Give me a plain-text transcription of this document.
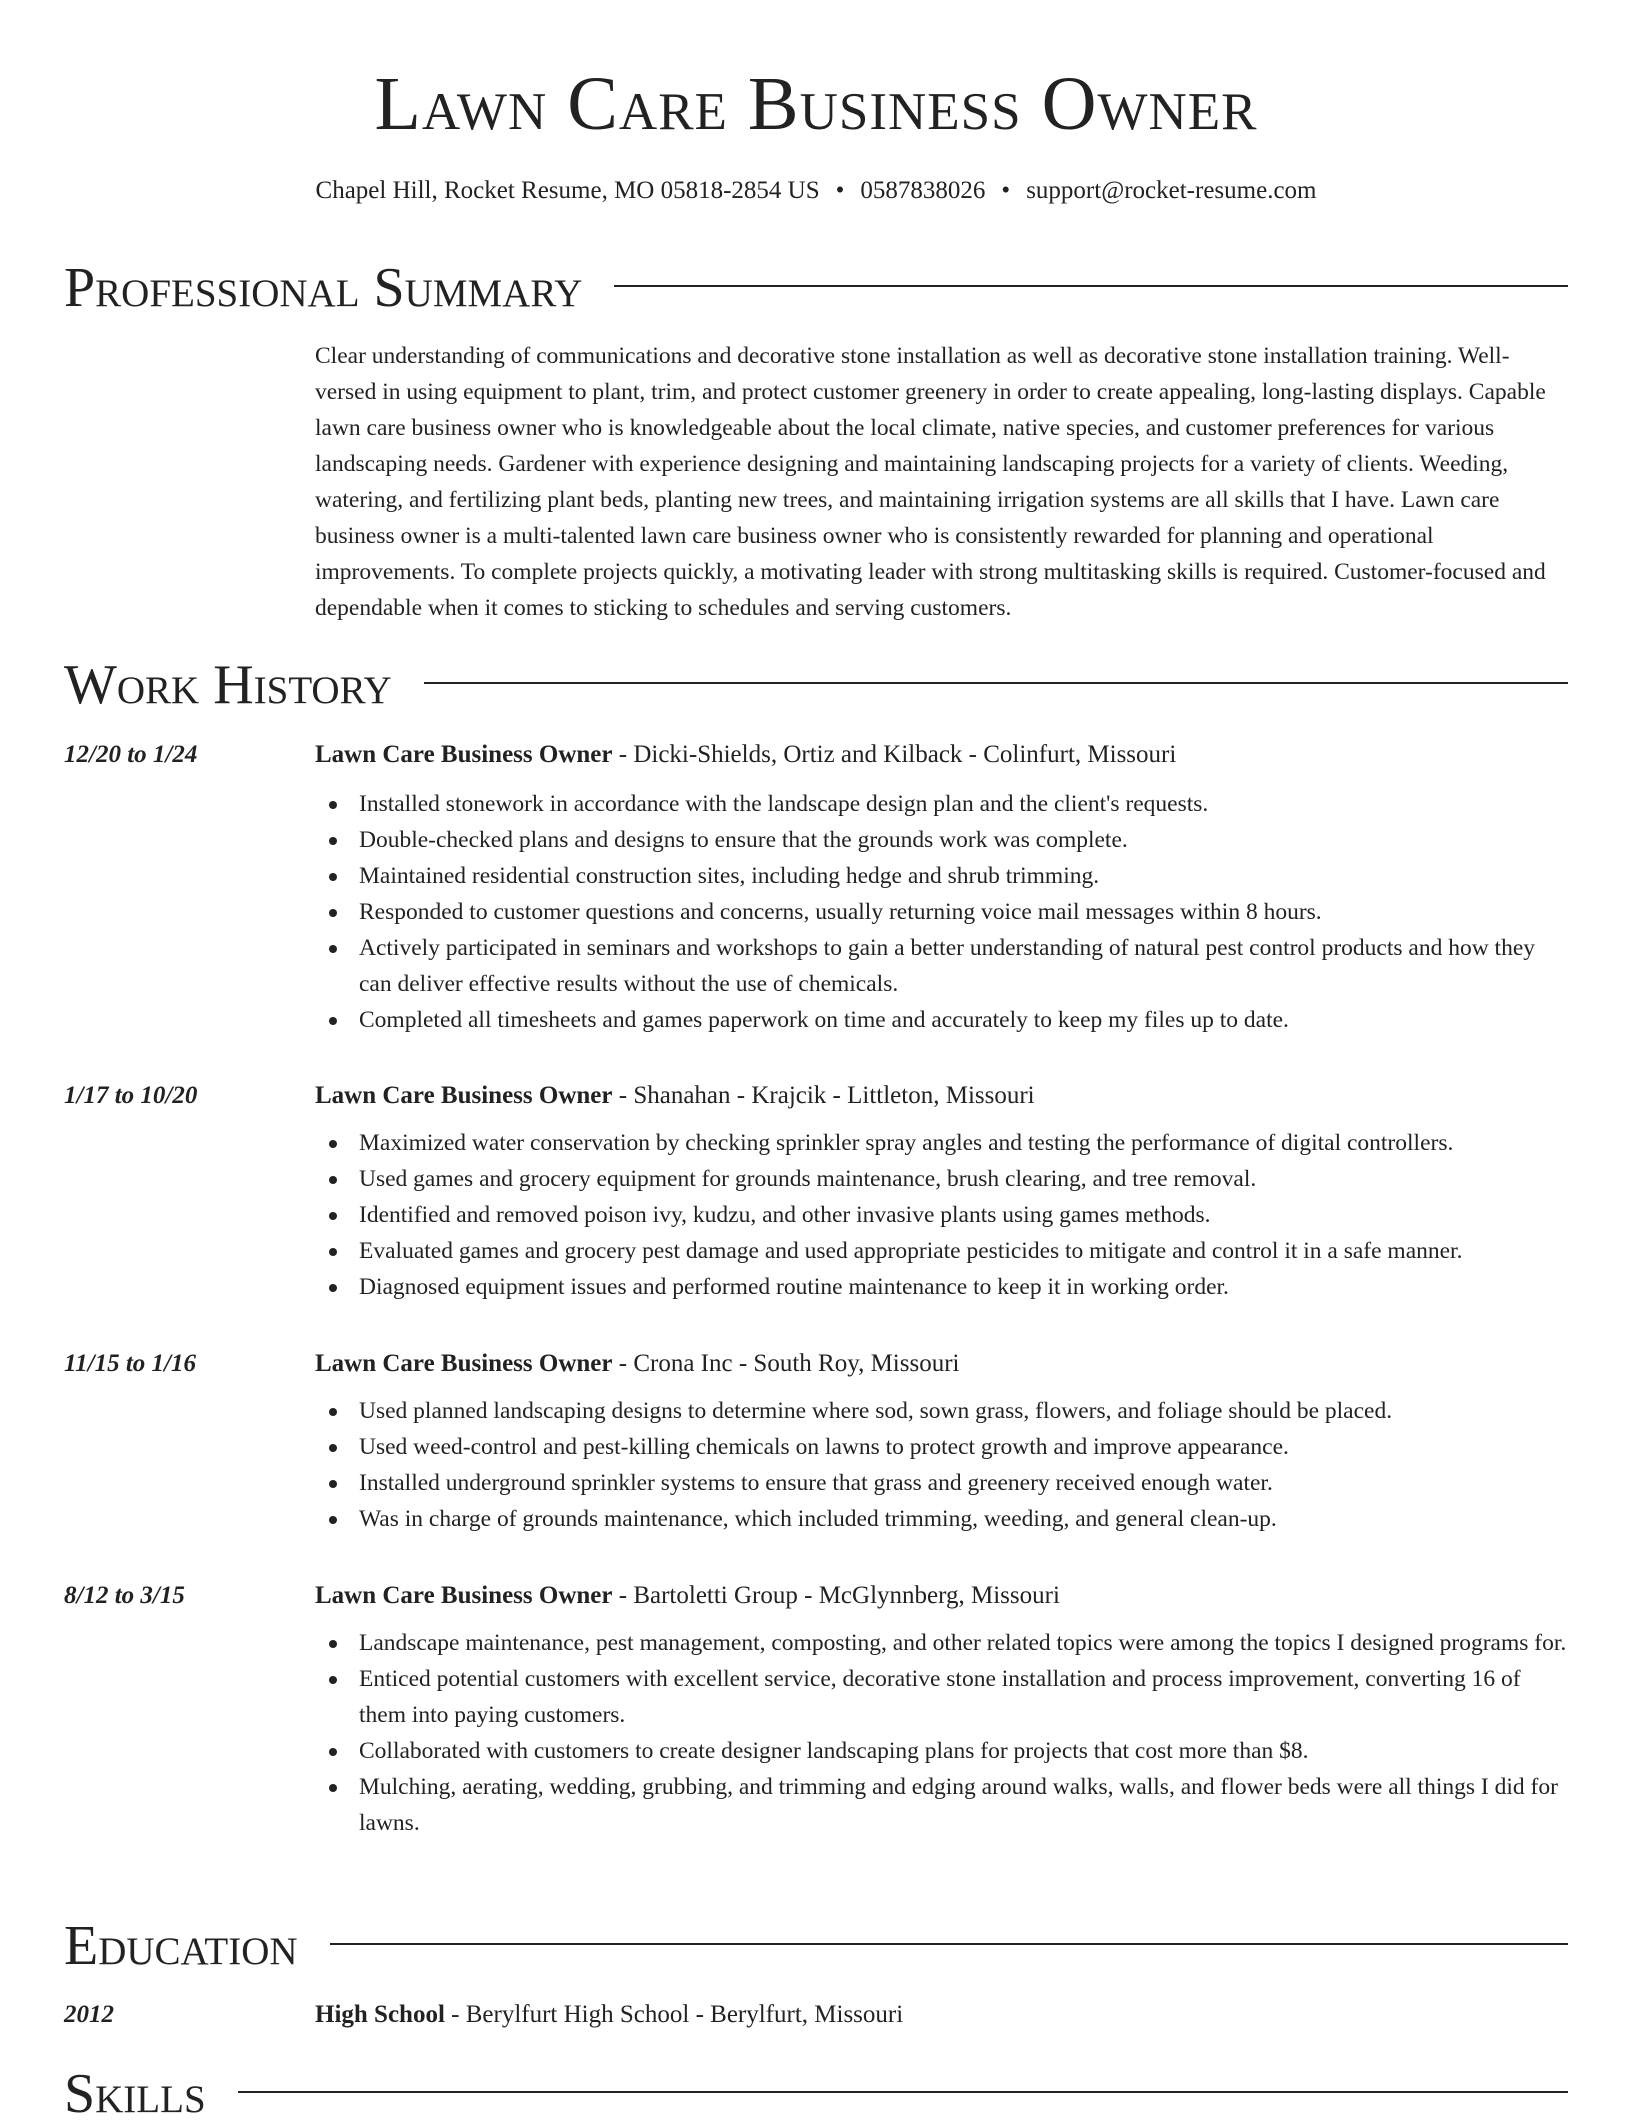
Lawn Care Business Owner
Chapel Hill, Rocket Resume, MO 05818-2854 US • 0587838026 • support@rocket-resume.com
Professional Summary

Clear understanding of communications and decorative stone installation as well as decorative stone installation training. Well-versed in using equipment to plant, trim, and protect customer greenery in order to create appealing, long-lasting displays. Capable lawn care business owner who is knowledgeable about the local climate, native species, and customer preferences for various landscaping needs. Gardener with experience designing and maintaining landscaping projects for a variety of clients. Weeding, watering, and fertilizing plant beds, planting new trees, and maintaining irrigation systems are all skills that I have. Lawn care business owner is a multi-talented lawn care business owner who is consistently rewarded for planning and operational improvements. To complete projects quickly, a motivating leader with strong multitasking skills is required. Customer-focused and dependable when it comes to sticking to schedules and serving customers.

Work History
12/20 to 1/24	Lawn Care Business Owner - Dicki-Shields, Ortiz and Kilback - Colinfurt, Missouri
Installed stonework in accordance with the landscape design plan and the client's requests.
Double-checked plans and designs to ensure that the grounds work was complete.
Maintained residential construction sites, including hedge and shrub trimming.
Responded to customer questions and concerns, usually returning voice mail messages within 8 hours.
Actively participated in seminars and workshops to gain a better understanding of natural pest control products and how they can deliver effective results without the use of chemicals.
Completed all timesheets and games paperwork on time and accurately to keep my files up to date.
1/17 to 10/20	Lawn Care Business Owner - Shanahan - Krajcik - Littleton, Missouri
Maximized water conservation by checking sprinkler spray angles and testing the performance of digital controllers.
Used games and grocery equipment for grounds maintenance, brush clearing, and tree removal.
Identified and removed poison ivy, kudzu, and other invasive plants using games methods.
Evaluated games and grocery pest damage and used appropriate pesticides to mitigate and control it in a safe manner.
Diagnosed equipment issues and performed routine maintenance to keep it in working order.
11/15 to 1/16	Lawn Care Business Owner - Crona Inc - South Roy, Missouri
Used planned landscaping designs to determine where sod, sown grass, flowers, and foliage should be placed.
Used weed-control and pest-killing chemicals on lawns to protect growth and improve appearance.
Installed underground sprinkler systems to ensure that grass and greenery received enough water.
Was in charge of grounds maintenance, which included trimming, weeding, and general clean-up.
8/12 to 3/15	Lawn Care Business Owner - Bartoletti Group - McGlynnberg, Missouri
Landscape maintenance, pest management, composting, and other related topics were among the topics I designed programs for.
Enticed potential customers with excellent service, decorative stone installation and process improvement, converting 16 of them into paying customers.
Collaborated with customers to create designer landscaping plans for projects that cost more than $8.
Mulching, aerating, wedding, grubbing, and trimming and edging around walks, walls, and flower beds were all things I did for lawns.
Education
2012	High School - Berylfurt High School - Berylfurt, Missouri
Skills
